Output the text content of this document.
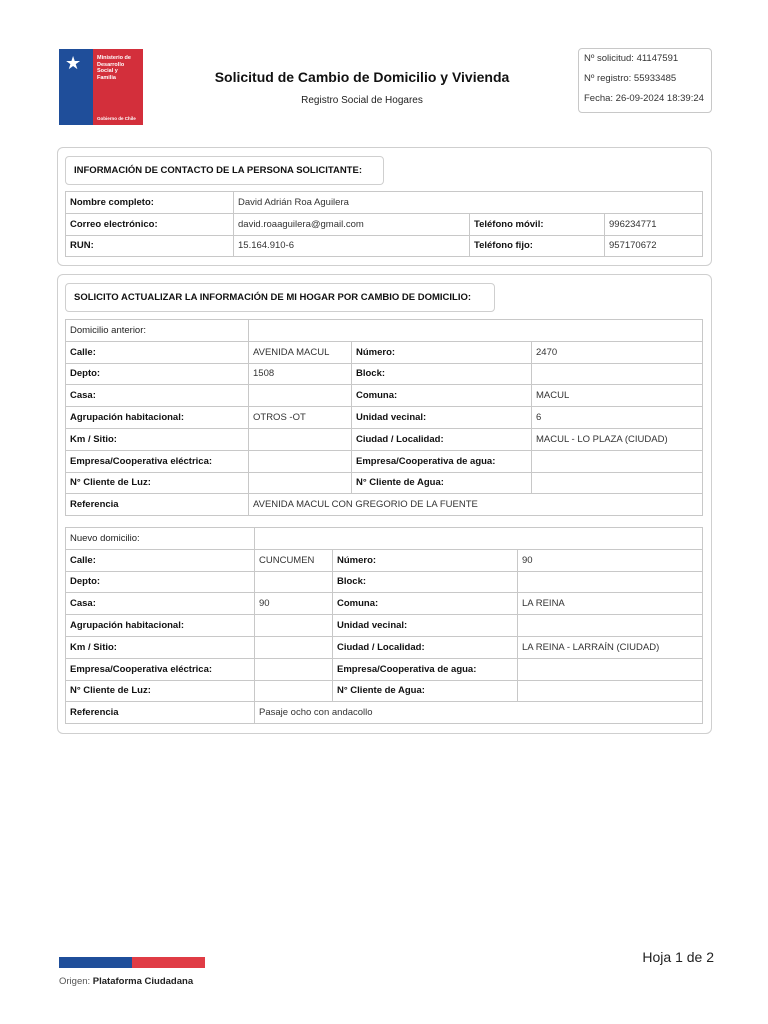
★	Ministerio de
Desarrollo
Social y
Familia
Gobierno de Chile
Solicitud de Cambio de Domicilio y Vivienda
Registro Social de Hogares
Nº solicitud: 41147591
Nº registro: 55933485
Fecha: 26-09-2024 18:39:24
INFORMACIÓN DE CONTACTO DE LA PERSONA SOLICITANTE:
Nombre completo:	David Adrián Roa Aguilera		
Correo electrónico:	david.roaaguilera@gmail.com	Teléfono móvil:	996234771
RUN:	15.164.910-6	Teléfono fijo:	957170672
SOLICITO ACTUALIZAR LA INFORMACIÓN DE MI HOGAR POR CAMBIO DE DOMICILIO:
Domicilio anterior:			
Calle:	AVENIDA MACUL	Número:	2470
Depto:	1508	Block:	
Casa:		Comuna:	MACUL
Agrupación habitacional:	OTROS -OT	Unidad vecinal:	6
Km / Sitio:		Ciudad / Localidad:	MACUL - LO PLAZA (CIUDAD)
Empresa/Cooperativa eléctrica:		Empresa/Cooperativa de agua:	
N° Cliente de Luz:		N° Cliente de Agua:	
Referencia	AVENIDA MACUL CON GREGORIO DE LA FUENTE		
Nuevo domicilio:			
Calle:	CUNCUMEN	Número:	90
Depto:		Block:	
Casa:	90	Comuna:	LA REINA
Agrupación habitacional:		Unidad vecinal:	
Km / Sitio:		Ciudad / Localidad:	LA REINA - LARRAÍN (CIUDAD)
Empresa/Cooperativa eléctrica:		Empresa/Cooperativa de agua:	
N° Cliente de Luz:		N° Cliente de Agua:	
Referencia	Pasaje ocho con andacollo		
Origen: Plataforma Ciudadana
Hoja 1 de 2
